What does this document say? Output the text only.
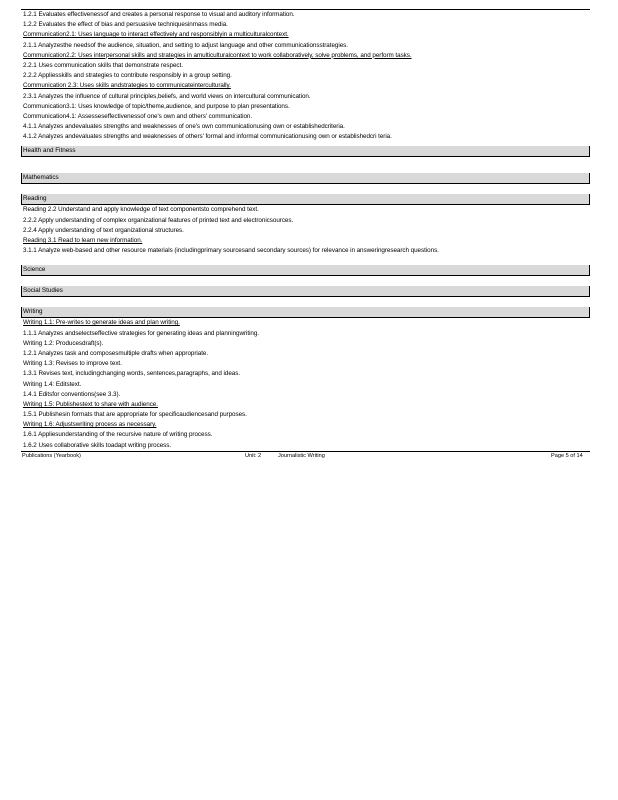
1.2.1 Evaluates effectivenessof and creates a personal response to visual and auditory information.
1.2.2 Evaluates the effect of bias and persuasive techniquesinmass media.
Communication2.1: Uses language to interact effectively and responsiblyin a multiculturalcontext.
2.1.1 Analyzesthe needsof the audience, situation, and setting to adjust language and other communicationsstrategies.
Communication2.2: Uses interpersonal skills and strategies in amulticulturalcontext to work collaboratively, solve problems, and perform tasks.
2.2.1 Uses communication skills that demonstrate respect.
2.2.2 Appliesskills and strategies to contribute responsibly in a group setting.
Communication 2.3: Uses skills andstrategies to communicateinterculturally.
2.3.1 Analyzes the influence of cultural principles,beliefs, and world views on intercultural communication.
Communication3.1: Uses knowledge of topic/theme,audience, and purpose to plan presentations.
Communication4.1: Assesseseffectivenessof one's own and others' communication.
4.1.1 Analyzes andevaluates strengths and weaknesses of one's own communicationusing own or establishedcriteria.
4.1.2 Analyzes andevaluates strengths and weaknesses of others' formal and informal communicationusing own or establishedcri teria.
Health and Fitness
Mathematics
Reading
Reading 2.2 Understand and apply knowledge of text componentsto comprehend text.
2.2.2 Apply understanding of complex organizational features of printed text and electronicsources.
2.2.4 Apply understanding of text organizational structures.
Reading 3.1 Read to learn new information.
3.1.1 Analyze web-based and other resource materials (includingprimary sourcesand secondary sources) for relevance in answeringresearch questions.
Science
Social Studies
Writing
Writing 1.1: Pre-writes to generate ideas and plan writing.
1.1.1 Analyzes andselectseffective strategies for generating ideas and planningwriting.
Writing 1.2: Producesdraft(s).
1.2.1 Analyzes task and composesmultiple drafts when appropriate.
Writing 1.3: Revises to improve text.
1.3.1 Revises text, includingchanging words, sentences,paragraphs, and ideas.
Writing 1.4: Editstext.
1.4.1 Editsfor conventions(see 3.3).
Writing 1.5: Publishestext to share with audience.
1.5.1 Publishesin formats that are appropriate for specificaudiencesand purposes.
Writing 1.6: Adjustswriting process as necessary.
1.6.1 Appliesunderstanding of the recursive nature of writing process.
1.6.2 Uses collaborative skills toadapt writing process.
Publications (Yearbook)	Unit: 2	Journalistic Writing	Page 5 of 14
